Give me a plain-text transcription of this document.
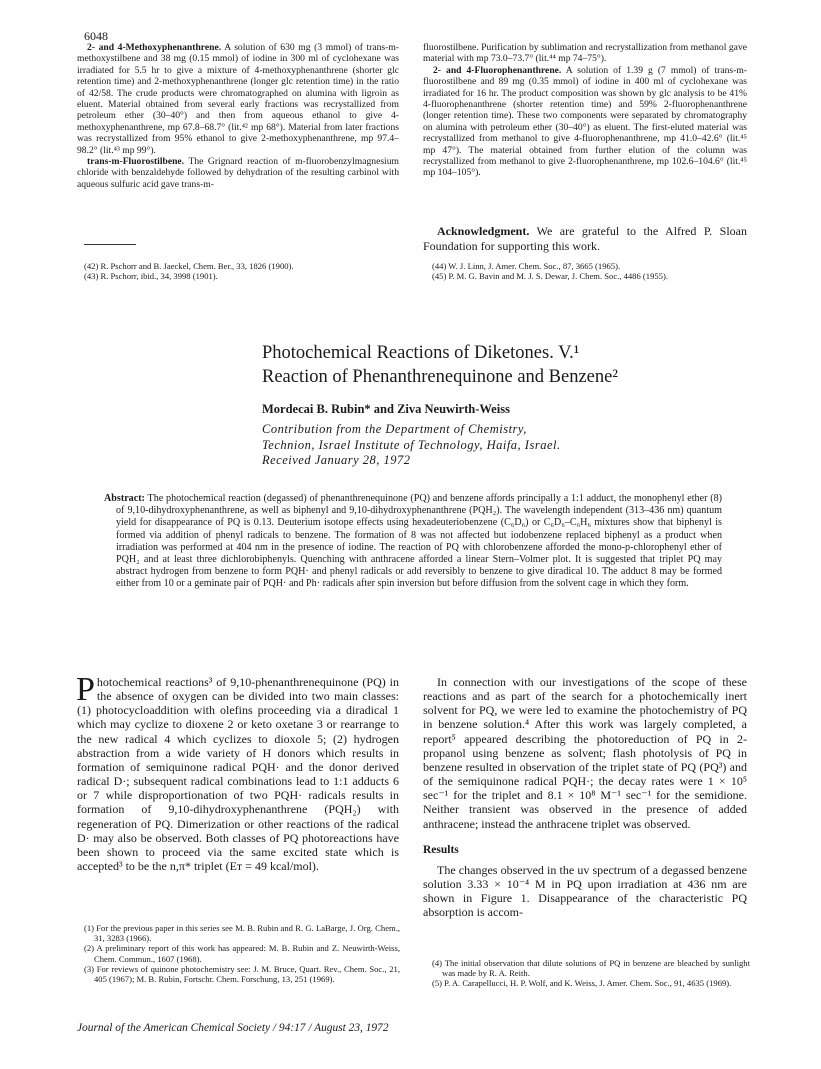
6048

2- and 4-Methoxyphenanthrene. A solution of 630 mg (3 mmol) of trans-m-methoxystilbene and 38 mg (0.15 mmol) of iodine in 300 ml of cyclohexane was irradiated for 5.5 hr to give a mixture of 4-methoxyphenanthrene (shorter glc retention time) and 2-methoxyphenanthrene (longer glc retention time) in the ratio of 42/58. The crude products were chromatographed on alumina with ligroin as eluent. Material obtained from several early fractions was recrystallized from petroleum ether (30–40°) and then from aqueous ethanol to give 4-methoxyphenanthrene, mp 67.8–68.7° (lit.⁴² mp 68°). Material from later fractions was recrystallized from 95% ethanol to give 2-methoxyphenanthrene, mp 97.4–98.2° (lit.⁴³ mp 99°).

trans-m-Fluorostilbene. The Grignard reaction of m-fluorobenzylmagnesium chloride with benzaldehyde followed by dehydration of the resulting carbinol with aqueous sulfuric acid gave trans-m-

fluorostilbene. Purification by sublimation and recrystallization from methanol gave material with mp 73.0–73.7° (lit.⁴⁴ mp 74–75°).

2- and 4-Fluorophenanthrene. A solution of 1.39 g (7 mmol) of trans-m-fluorostilbene and 89 mg (0.35 mmol) of iodine in 400 ml of cyclohexane was irradiated for 16 hr. The product composition was shown by glc analysis to be 41% 4-fluorophenanthrene (shorter retention time) and 59% 2-fluorophenanthrene (longer retention time). These two components were separated by chromatography on alumina with petroleum ether (30–40°) as eluent. The first-eluted material was recrystallized from methanol to give 4-fluorophenanthrene, mp 41.0–42.6° (lit.⁴⁵ mp 47°). The material obtained from further elution of the column was recrystallized from methanol to give 2-fluorophenanthrene, mp 102.6–104.6° (lit.⁴⁵ mp 104–105°).

Acknowledgment. We are grateful to the Alfred P. Sloan Foundation for supporting this work.

(42) R. Pschorr and B. Jaeckel, Chem. Ber., 33, 1826 (1900).

(43) R. Pschorr, ibid., 34, 3998 (1901).

(44) W. J. Linn, J. Amer. Chem. Soc., 87, 3665 (1965).

(45) P. M. G. Bavin and M. J. S. Dewar, J. Chem. Soc., 4486 (1955).

Photochemical Reactions of Diketones. V.¹
Reaction of Phenanthrenequinone and Benzene²
Mordecai B. Rubin* and Ziva Neuwirth-Weiss
Contribution from the Department of Chemistry,
Technion, Israel Institute of Technology, Haifa, Israel.
Received January 28, 1972
Abstract: The photochemical reaction (degassed) of phenanthrenequinone (PQ) and benzene affords principally a 1:1 adduct, the monophenyl ether (8) of 9,10-dihydroxyphenanthrene, as well as biphenyl and 9,10-dihydroxyphenanthrene (PQH₂). The wavelength independent (313–436 nm) quantum yield for disappearance of PQ is 0.13. Deuterium isotope effects using hexadeuteriobenzene (C₆D₆) or C₆D₆–C₆H₆ mixtures show that biphenyl is formed via addition of phenyl radicals to benzene. The formation of 8 was not affected but iodobenzene replaced biphenyl as a product when irradiation was performed at 404 nm in the presence of iodine. The reaction of PQ with chlorobenzene afforded the mono-p-chlorophenyl ether of PQH₂ and at least three dichlorobiphenyls. Quenching with anthracene afforded a linear Stern–Volmer plot. It is suggested that triplet PQ may abstract hydrogen from benzene to form PQH· and phenyl radicals or add reversibly to benzene to give diradical 10. The adduct 8 may be formed either from 10 or a geminate pair of PQH· and Ph· radicals after spin inversion but before diffusion from the solvent cage in which they form.

Photochemical reactions³ of 9,10-phenanthrenequinone (PQ) in the absence of oxygen can be divided into two main classes: (1) photocycloaddition with olefins proceeding via a diradical 1 which may cyclize to dioxene 2 or keto oxetane 3 or rearrange to the new radical 4 which cyclizes to dioxole 5; (2) hydrogen abstraction from a wide variety of H donors which results in formation of semiquinone radical PQH· and the donor derived radical D·; subsequent radical combinations lead to 1:1 adducts 6 or 7 while disproportionation of two PQH· radicals results in formation of 9,10-dihydroxyphenanthrene (PQH₂) with regeneration of PQ. Dimerization or other reactions of the radical D· may also be observed. Both classes of PQ photoreactions have been shown to proceed via the same excited state which is accepted³ to be the n,π* triplet (Eᴛ = 49 kcal/mol).

In connection with our investigations of the scope of these reactions and as part of the search for a photochemically inert solvent for PQ, we were led to examine the photochemistry of PQ in benzene solution.⁴ After this work was largely completed, a report⁵ appeared describing the photoreduction of PQ in 2-propanol using benzene as solvent; flash photolysis of PQ in benzene resulted in observation of the triplet state of PQ (PQ³) and of the semiquinone radical PQH·; the decay rates were 1 × 10⁵ sec⁻¹ for the triplet and 8.1 × 10⁸ M⁻¹ sec⁻¹ for the semidione. Neither transient was observed in the presence of added anthracene; instead the anthracene triplet was observed.

Results

The changes observed in the uv spectrum of a degassed benzene solution 3.33 × 10⁻⁴ M in PQ upon irradiation at 436 nm are shown in Figure 1. Disappearance of the characteristic PQ absorption is accom-

(1) For the previous paper in this series see M. B. Rubin and R. G. LaBarge, J. Org. Chem., 31, 3283 (1966).

(2) A preliminary report of this work has appeared: M. B. Rubin and Z. Neuwirth-Weiss, Chem. Commun., 1607 (1968).

(3) For reviews of quinone photochemistry see: J. M. Bruce, Quart. Rev., Chem. Soc., 21, 405 (1967); M. B. Rubin, Fortschr. Chem. Forschung, 13, 251 (1969).

(4) The initial observation that dilute solutions of PQ in benzene are bleached by sunlight was made by R. A. Reith.

(5) P. A. Carapellucci, H. P. Wolf, and K. Weiss, J. Amer. Chem. Soc., 91, 4635 (1969).

Journal of the American Chemical Society / 94:17 / August 23, 1972
